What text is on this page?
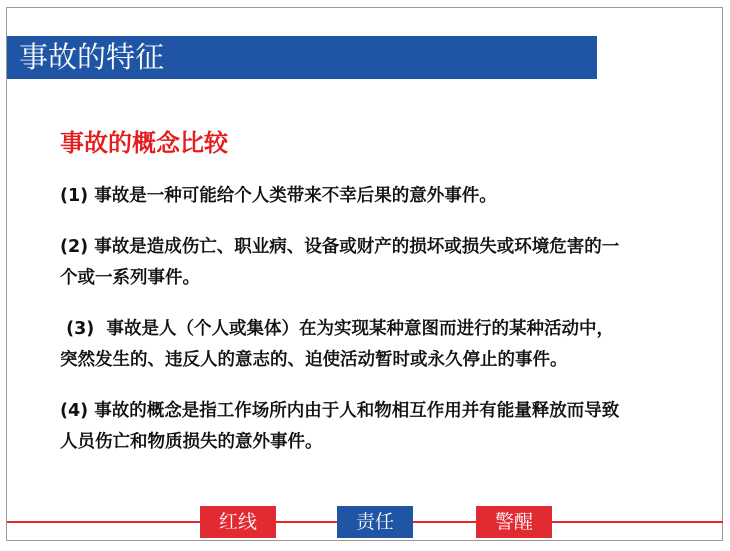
事故的特征
事故的概念比较
(1) 事故是一种可能给个人类带来不幸后果的意外事件。
(2) 事故是造成伤亡、职业病、设备或财产的损坏或损失或环境危害的一
个或一系列事件。
(3)  事故是人（个人或集体）在为实现某种意图而进行的某种活动中，
突然发生的、违反人的意志的、迫使活动暂时或永久停止的事件。
(4) 事故的概念是指工作场所内由于人和物相互作用并有能量释放而导致
人员伤亡和物质损失的意外事件。
红线	责任	警醒
